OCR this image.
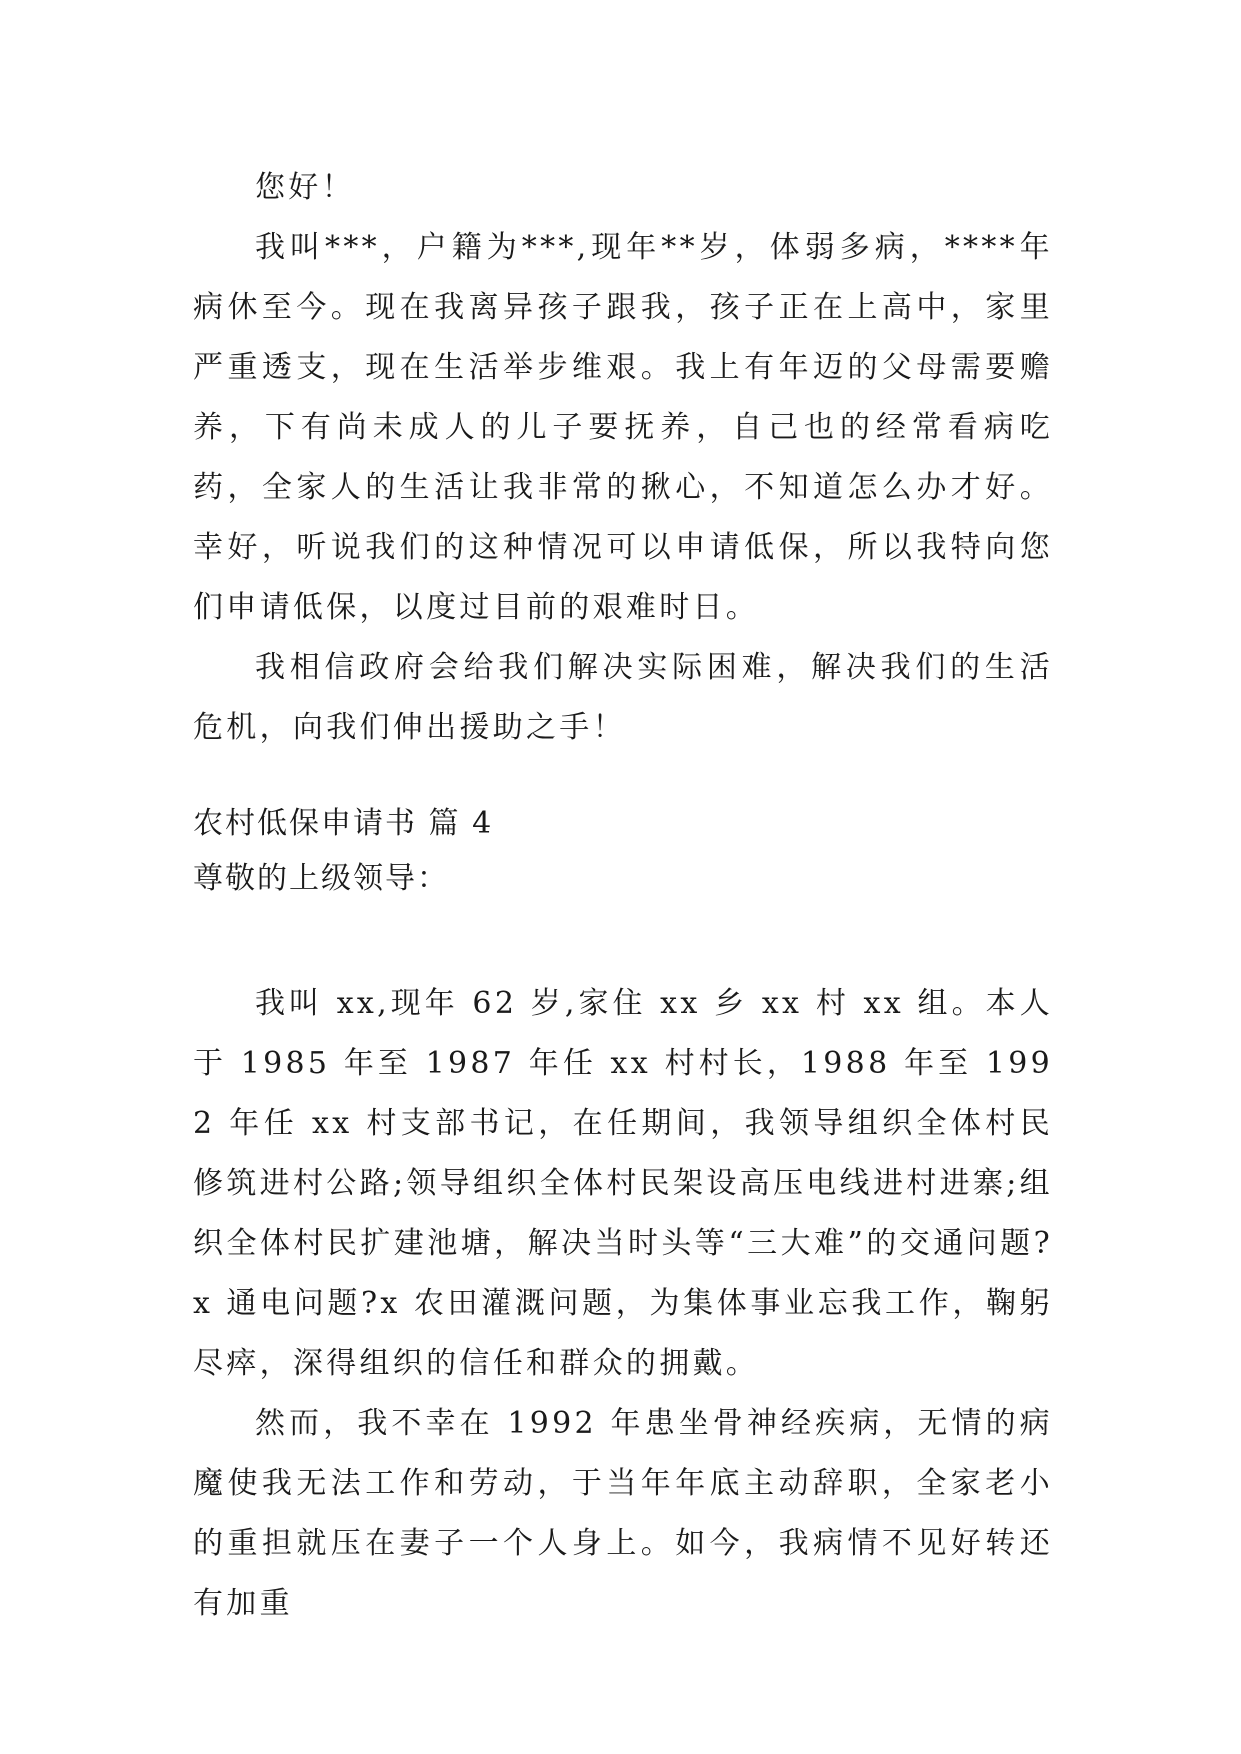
您好！

我叫***，户籍为***,现年**岁，体弱多病，****年病休至今。现在我离异孩子跟我，孩子正在上高中，家里严重透支，现在生活举步维艰。我上有年迈的父母需要赡养，下有尚未成人的儿子要抚养，自己也的经常看病吃药，全家人的生活让我非常的揪心，不知道怎么办才好。幸好，听说我们的这种情况可以申请低保，所以我特向您们申请低保，以度过目前的艰难时日。

我相信政府会给我们解决实际困难，解决我们的生活危机，向我们伸出援助之手！

农村低保申请书 篇 4

尊敬的上级领导：

我叫 xx,现年 62 岁,家住 xx 乡 xx 村 xx 组。本人于 1985 年至 1987 年任 xx 村村长，1988 年至 1992 年任 xx 村支部书记，在任期间，我领导组织全体村民修筑进村公路;领导组织全体村民架设高压电线进村进寨;组织全体村民扩建池塘，解决当时头等“三大难”的交通问题?x 通电问题?x 农田灌溉问题，为集体事业忘我工作，鞠躬尽瘁，深得组织的信任和群众的拥戴。

然而，我不幸在 1992 年患坐骨神经疾病，无情的病魔使我无法工作和劳动，于当年年底主动辞职，全家老小的重担就压在妻子一个人身上。如今，我病情不见好转还有加重
